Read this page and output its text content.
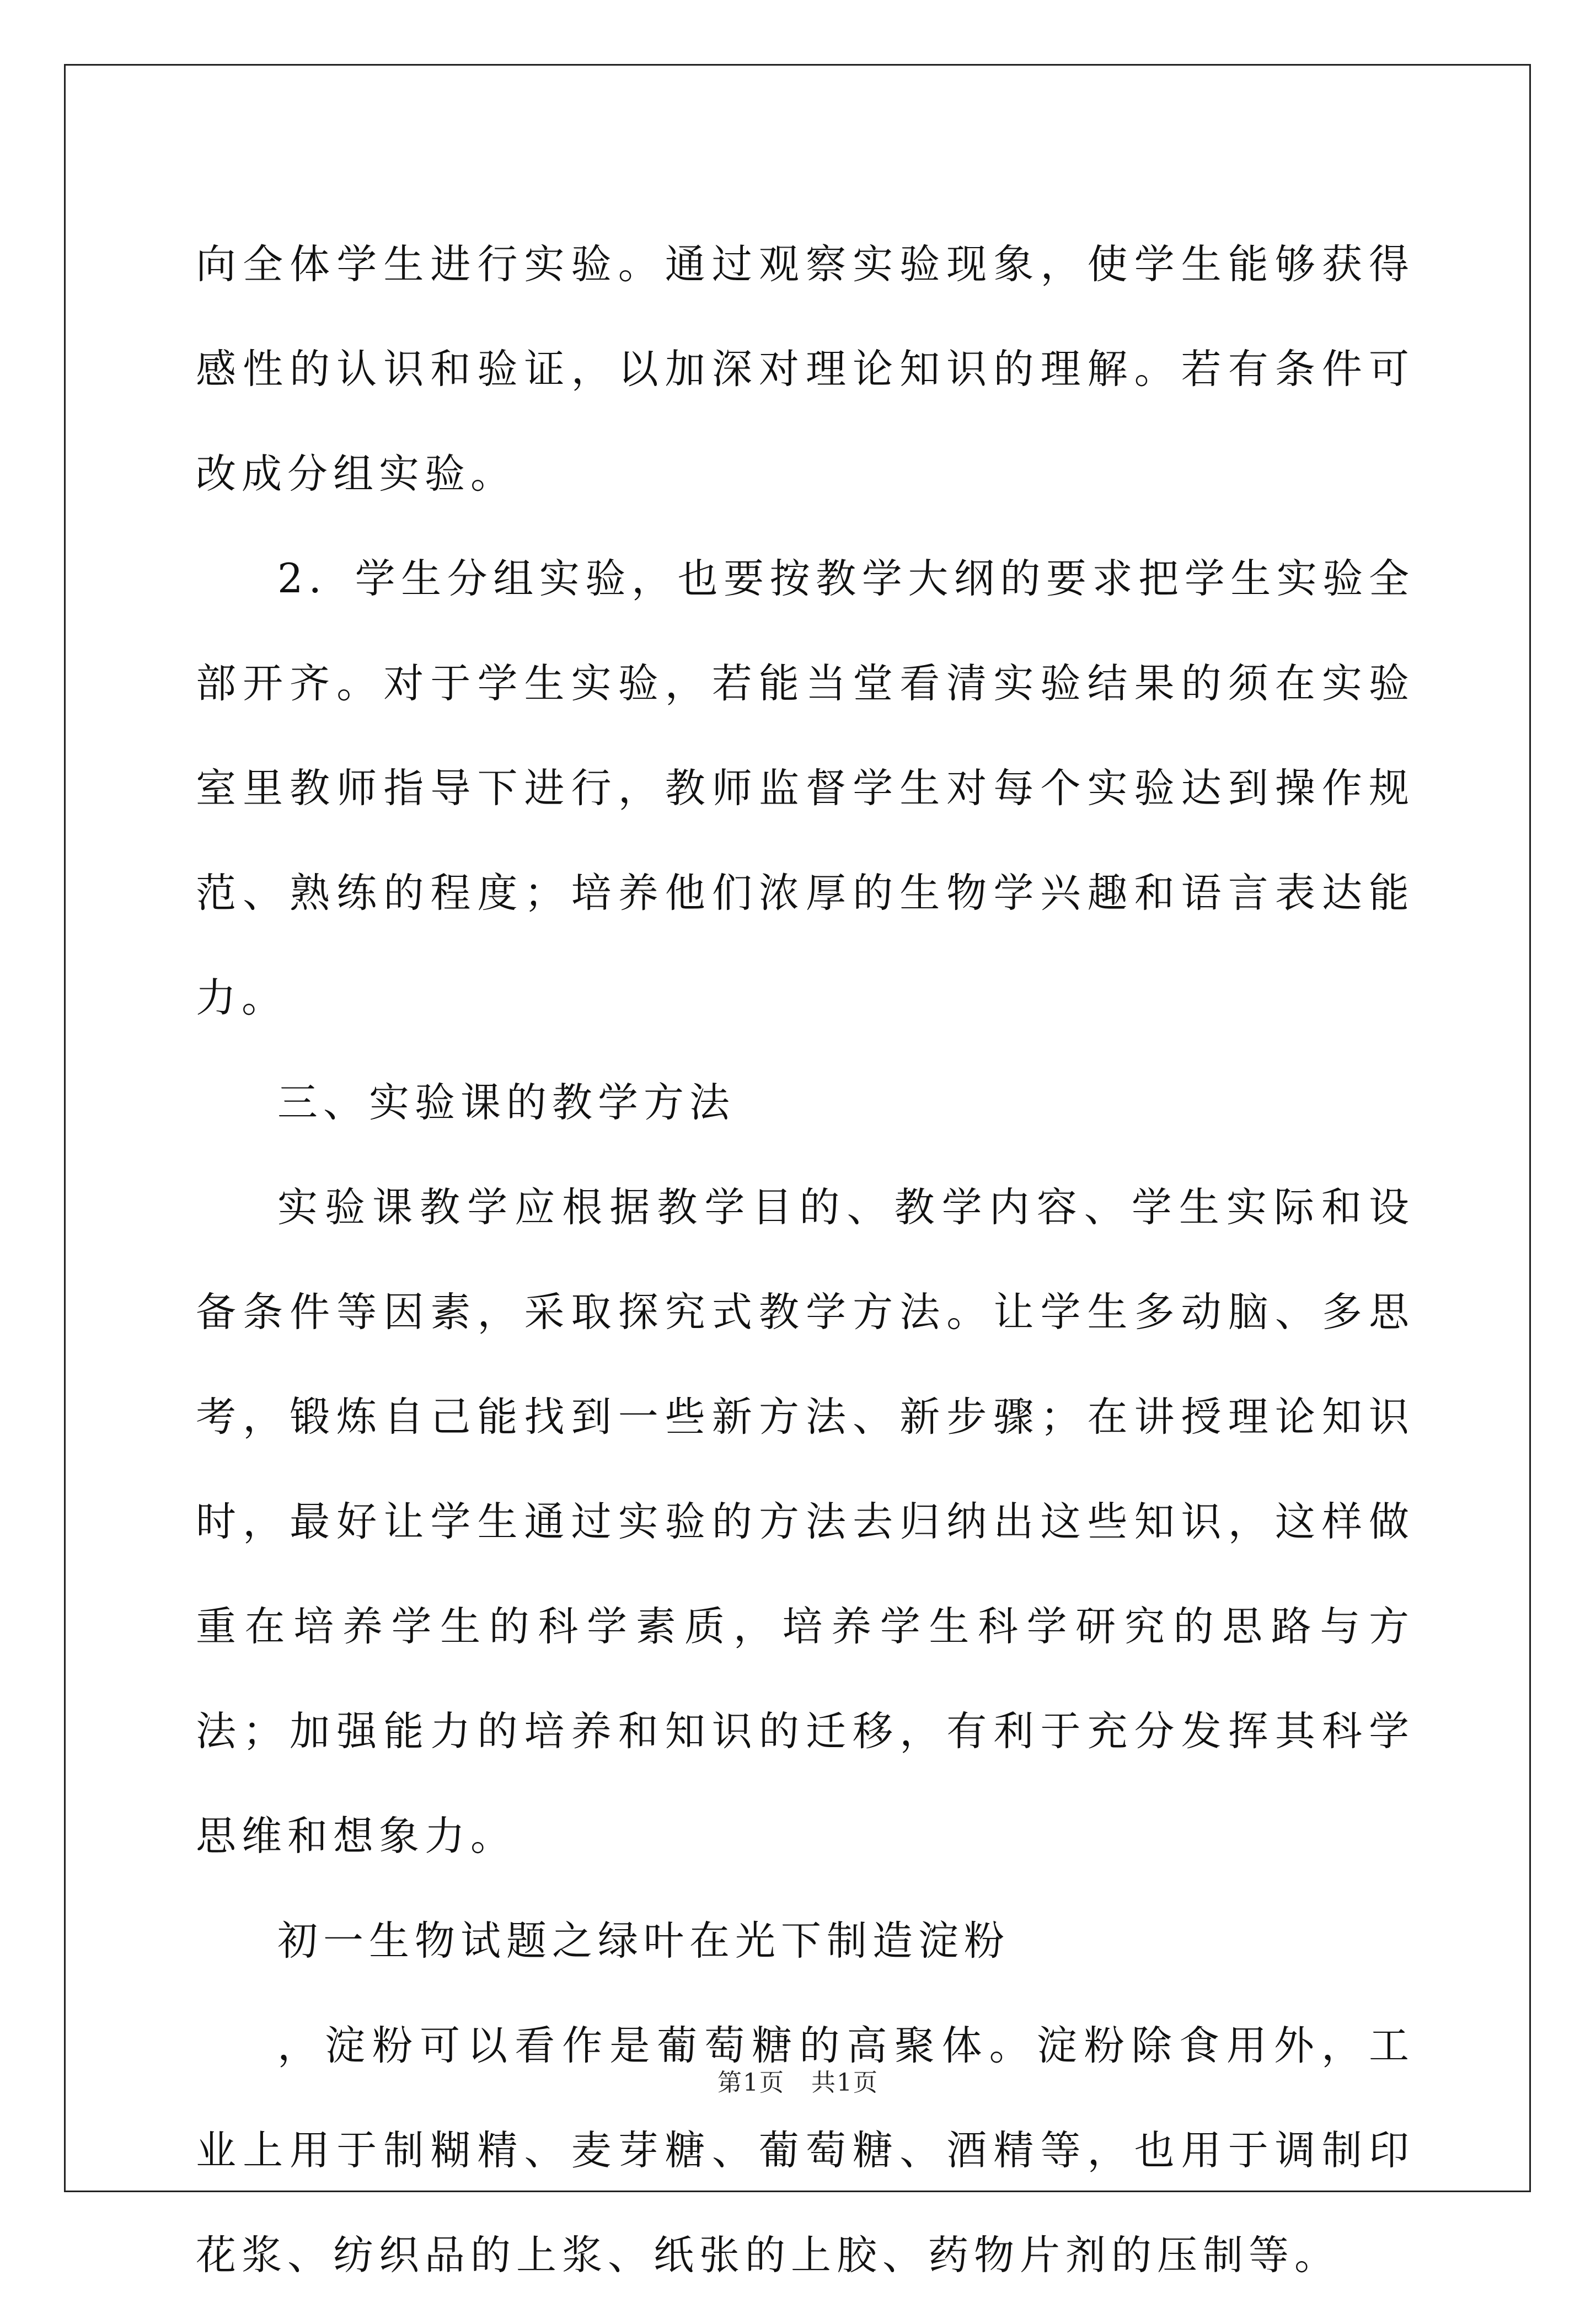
向全体学生进行实验。通过观察实验现象，使学生能够获得感性的认识和验证，以加深对理论知识的理解。若有条件可改成分组实验。

2．学生分组实验，也要按教学大纲的要求把学生实验全部开齐。对于学生实验，若能当堂看清实验结果的须在实验室里教师指导下进行，教师监督学生对每个实验达到操作规范、熟练的程度；培养他们浓厚的生物学兴趣和语言表达能力。

三、实验课的教学方法

实验课教学应根据教学目的、教学内容、学生实际和设备条件等因素，采取探究式教学方法。让学生多动脑、多思考，锻炼自己能找到一些新方法、新步骤；在讲授理论知识时，最好让学生通过实验的方法去归纳出这些知识，这样做重在培养学生的科学素质，培养学生科学研究的思路与方法；加强能力的培养和知识的迁移，有利于充分发挥其科学思维和想象力。

初一生物试题之绿叶在光下制造淀粉

，淀粉可以看作是葡萄糖的高聚体。淀粉除食用外，工业上用于制糊精、麦芽糖、葡萄糖、酒精等，也用于调制印花浆、纺织品的上浆、纸张的上胶、药物片剂的压制等。

第1页 共1页
